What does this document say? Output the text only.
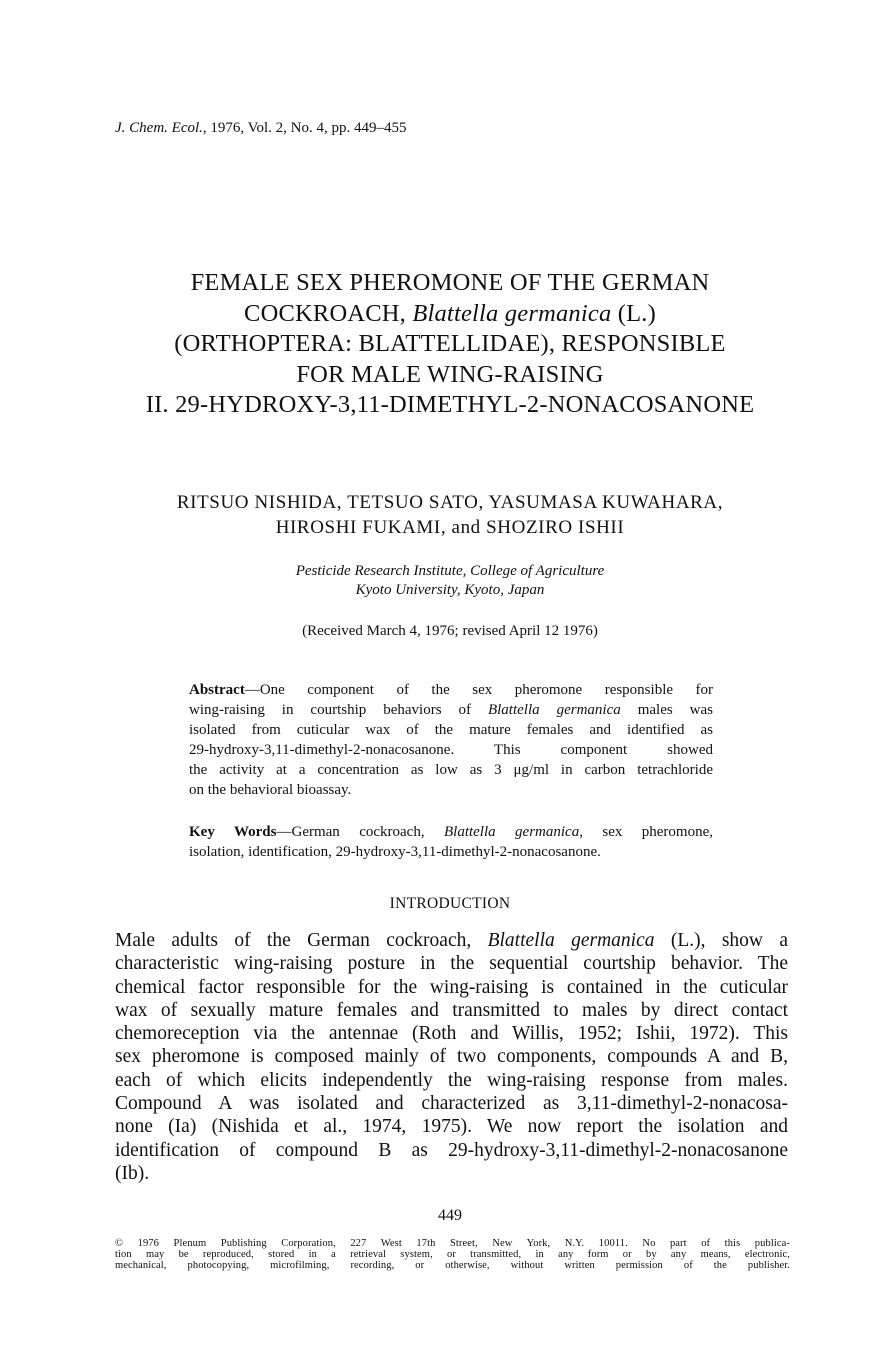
J. Chem. Ecol., 1976, Vol. 2, No. 4, pp. 449–455
FEMALE SEX PHEROMONE OF THE GERMAN
COCKROACH, Blattella germanica (L.)
(ORTHOPTERA: BLATTELLIDAE), RESPONSIBLE
FOR MALE WING-RAISING
II. 29-HYDROXY-3,11-DIMETHYL-2-NONACOSANONE
RITSUO NISHIDA, TETSUO SATO, YASUMASA KUWAHARA,
HIROSHI FUKAMI, and SHOZIRO ISHII
Pesticide Research Institute, College of Agriculture
Kyoto University, Kyoto, Japan
(Received March 4, 1976; revised April 12 1976)
Abstract—One component of the sex pheromone responsible for
wing-raising in courtship behaviors of Blattella germanica males was
isolated from cuticular wax of the mature females and identified as
29-hydroxy-3,11-dimethyl-2-nonacosanone. This component showed
the activity at a concentration as low as 3 μg/ml in carbon tetrachloride
on the behavioral bioassay.
Key Words—German cockroach, Blattella germanica, sex pheromone,
isolation, identification, 29-hydroxy-3,11-dimethyl-2-nonacosanone.
INTRODUCTION
Male adults of the German cockroach, Blattella germanica (L.), show a
characteristic wing-raising posture in the sequential courtship behavior. The
chemical factor responsible for the wing-raising is contained in the cuticular
wax of sexually mature females and transmitted to males by direct contact
chemoreception via the antennae (Roth and Willis, 1952; Ishii, 1972). This
sex pheromone is composed mainly of two components, compounds A and B,
each of which elicits independently the wing-raising response from males.
Compound A was isolated and characterized as 3,11-dimethyl-2-nonacosa-
none (Ia) (Nishida et al., 1974, 1975). We now report the isolation and
identification of compound B as 29-hydroxy-3,11-dimethyl-2-nonacosanone
(Ib).
449
© 1976 Plenum Publishing Corporation, 227 West 17th Street, New York, N.Y. 10011. No part of this publica-
tion may be reproduced, stored in a retrieval system, or transmitted, in any form or by any means, electronic,
mechanical, photocopying, microfilming, recording, or otherwise, without written permission of the publisher.
